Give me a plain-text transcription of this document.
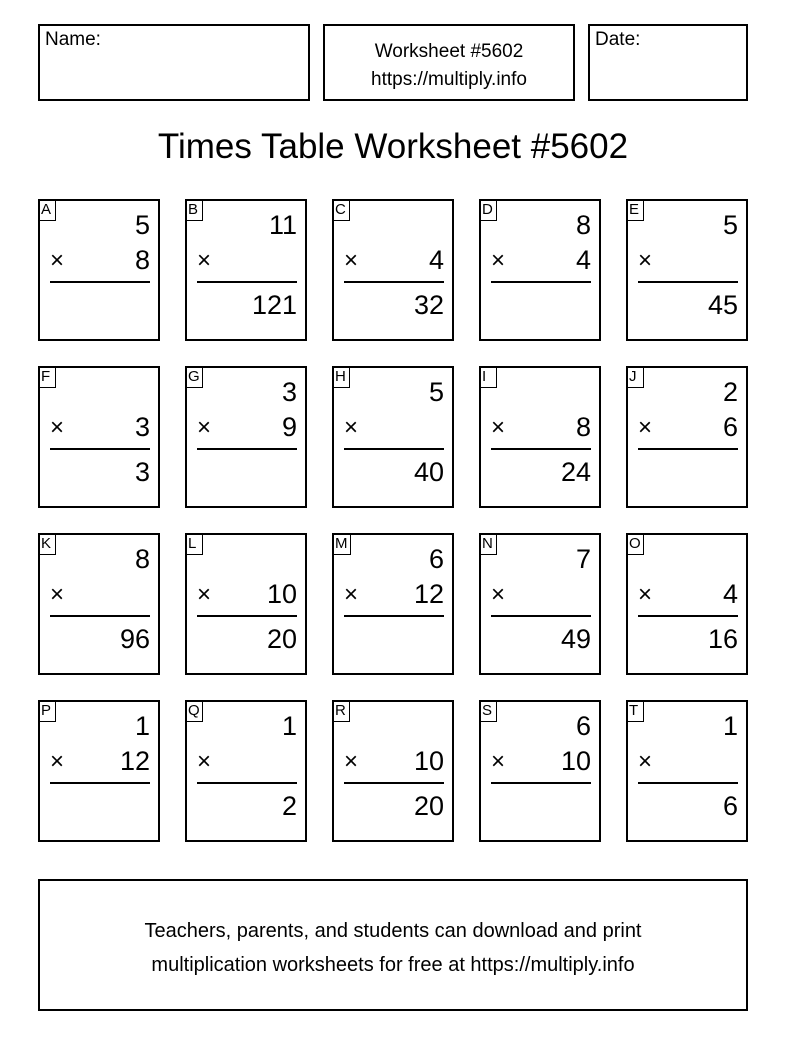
Name:
Worksheet #5602
https://multiply.info
Date:
Times Table Worksheet #5602
A
5
×	8
B
11
×
121
C
×	4
32
D
8
×	4
E
5
×
45
F
×	3
3
G
3
×	9
H
5
×
40
I
×	8
24
J
2
×	6
K
8
×
96
L
× 10
20
M
6
× 12
N
7
×
49
O
×	4
16
P
1
× 12
Q
1
×
2
R
× 10
20
S
6
× 10
T
1
×
6
Teachers, parents, and students can download and print
multiplication worksheets for free at https://multiply.info
